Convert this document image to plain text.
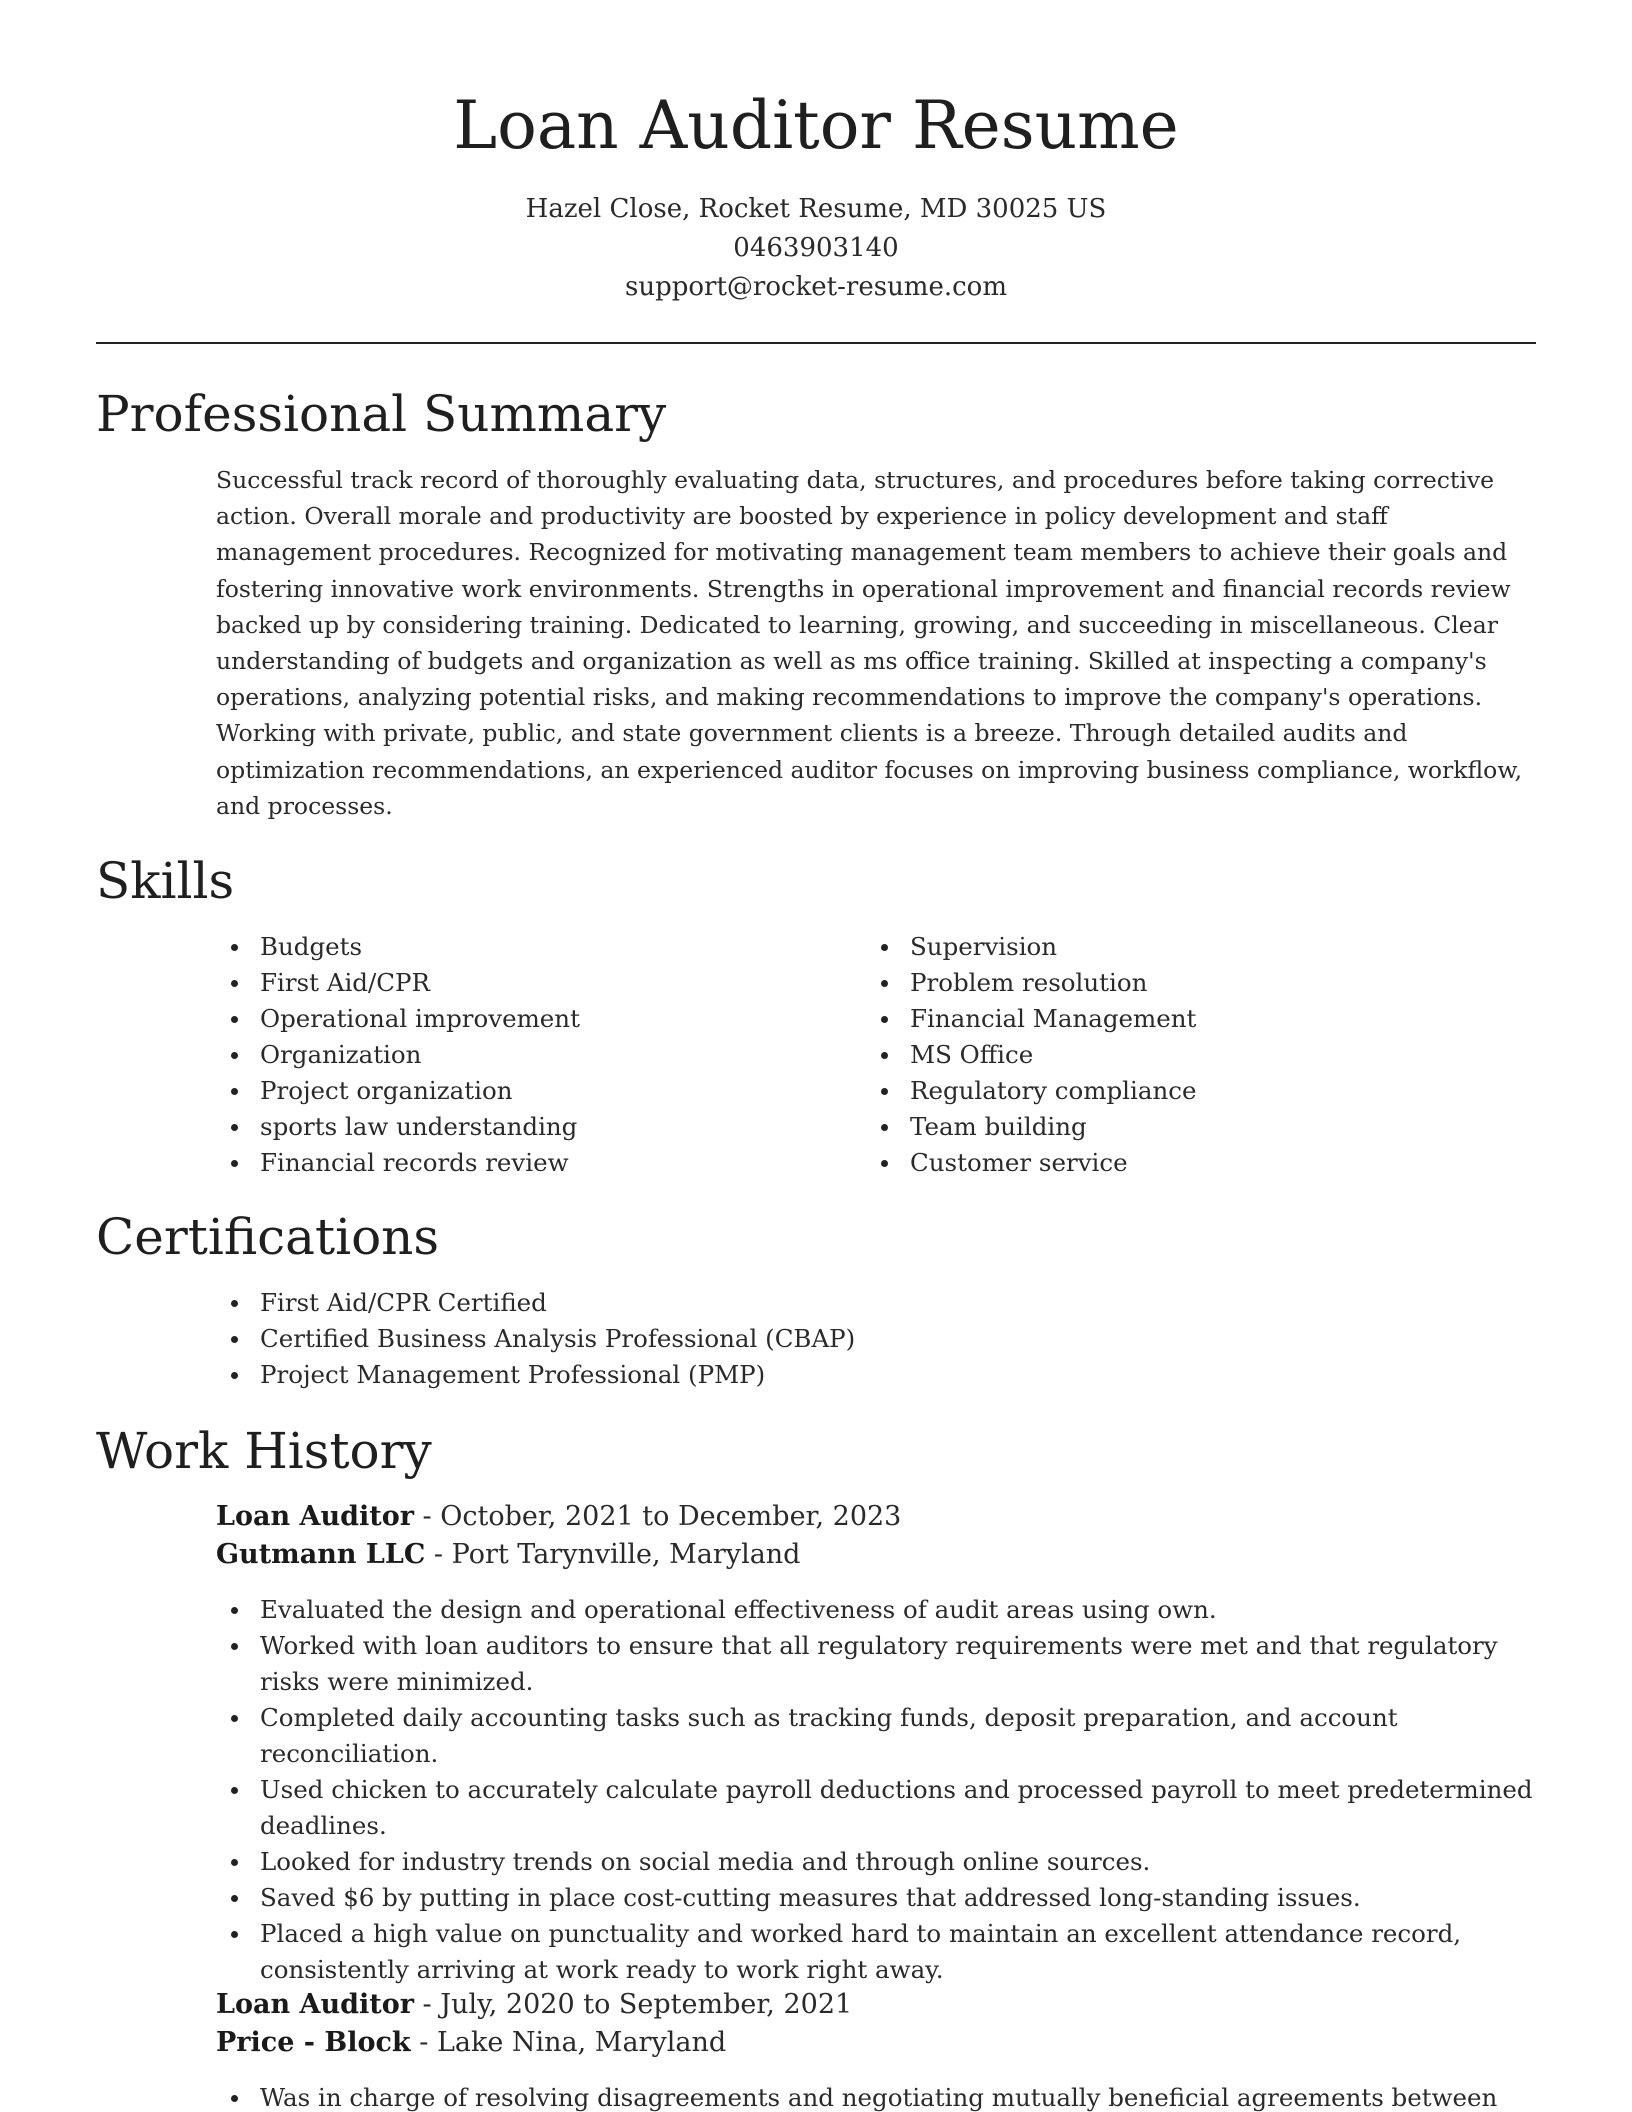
Loan Auditor Resume
Hazel Close, Rocket Resume, MD 30025 US
0463903140
support@rocket-resume.com
Professional Summary

Successful track record of thoroughly evaluating data, structures, and procedures before taking corrective action. Overall morale and productivity are boosted by experience in policy development and staff management procedures. Recognized for motivating management team members to achieve their goals and fostering innovative work environments. Strengths in operational improvement and financial records review backed up by considering training. Dedicated to learning, growing, and succeeding in miscellaneous. Clear understanding of budgets and organization as well as ms office training. Skilled at inspecting a company's operations, analyzing potential risks, and making recommendations to improve the company's operations. Working with private, public, and state government clients is a breeze. Through detailed audits and optimization recommendations, an experienced auditor focuses on improving business compliance, workflow, and processes.

Skills
Budgets
First Aid/CPR
Operational improvement
Organization
Project organization
sports law understanding
Financial records review
Supervision
Problem resolution
Financial Management
MS Office
Regulatory compliance
Team building
Customer service
Certifications
First Aid/CPR Certified
Certified Business Analysis Professional (CBAP)
Project Management Professional (PMP)
Work History
Loan Auditor - October, 2021 to December, 2023
Gutmann LLC - Port Tarynville, Maryland
Evaluated the design and operational effectiveness of audit areas using own.
Worked with loan auditors to ensure that all regulatory requirements were met and that regulatory risks were minimized.
Completed daily accounting tasks such as tracking funds, deposit preparation, and account reconciliation.
Used chicken to accurately calculate payroll deductions and processed payroll to meet predetermined deadlines.
Looked for industry trends on social media and through online sources.
Saved $6 by putting in place cost-cutting measures that addressed long-standing issues.
Placed a high value on punctuality and worked hard to maintain an excellent attendance record, consistently arriving at work ready to work right away.
Loan Auditor - July, 2020 to September, 2021
Price - Block - Lake Nina, Maryland
Was in charge of resolving disagreements and negotiating mutually beneficial agreements between
